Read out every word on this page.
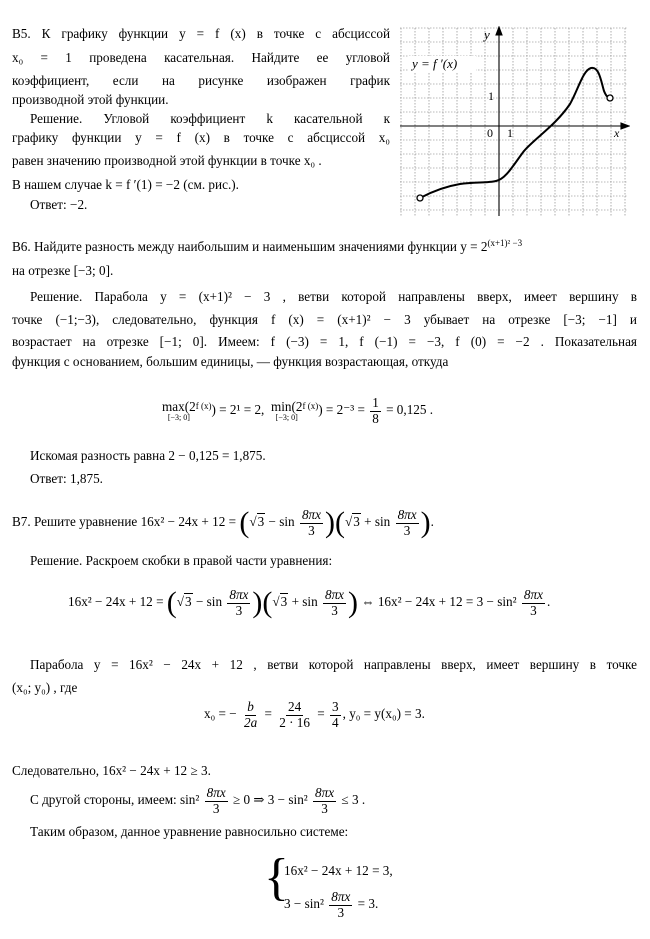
B5. К графику функции y = f (x) в точке с абсциссой
x₀ = 1 проведена касательная. Найдите ее угловой
коэффициент, если на рисунке изображен график
производной этой функции.
Решение. Угловой коэффициент k касательной к
графику функции y = f (x) в точке с абсциссой x₀
равен значению производной этой функции в точке x₀ .
В нашем случае k = f ′(1) = −2 (см. рис.).
Ответ: −2.
y = f ′(x)
y
x
0 1
1
B6. Найдите разность между наибольшим и наименьшим значениями функции $y = 2^{(x+1)^2 -3}$
на отрезке [−3; 0].
Решение. Парабола y = (x+1)² − 3 , ветви которой направлены вверх, имеет вершину в
точке (−1;−3), следовательно, функция f (x) = (x+1)² − 3 убывает на отрезке [−3; −1] и
возрастает на отрезке [−1; 0]. Имеем: f (−3) = 1, f (−1) = −3, f (0) = −2 . Показательная
функция с основанием, большим единицы, — функция возрастающая, откуда
max(2
[−3; 0]
$^{f (x)}$) = 2¹ = 2, min(2
[−3; 0]
$^{f (x)}) = 2^{-3} = \frac{1}{8} = 0,125$ .
Искомая разность равна 2 − 0,125 = 1,875.
Ответ: 1,875.
B7. Решите уравнение $16x^2 - 24x + 12 = (√3 - \sin \frac{8\pi x}{3} )(√3 + \sin \frac{8\pi x}{3}$ ).
Решение. Раскроем скобки в правой части уравнения:
$16x^2 - 24x + 12 = (√3 - \sin \frac{8\pi x}{3} )(√3 + \sin \frac{8\pi x}{3}$ ) ⇔ $16x^2 - 24x + 12 = 3 - \sin^2 \frac{8\pi x}{3}$ .
Парабола y = 16x² − 24x + 12 , ветви которой направлены вверх, имеет вершину в точке
(x₀; y₀) , где
x₀ = − $\frac{b}{2a} = \frac{24}{2 \cdot 16} = \frac{3}{4}$ , y₀ = y(x₀) = 3.
Следовательно, 16x² − 24x + 12 ≥ 3.
С другой стороны, имеем: $\sin^2 \frac{8\pi x}{3} \ge 0$ ⇒ $3 - \sin^2 \frac{8\pi x}{3} \le 3$ .
Таким образом, данное уравнение равносильно системе:
{
16x² − 24x + 12 = 3,
$3 - \sin^2 \frac{8\pi x}{3} = 3$.
